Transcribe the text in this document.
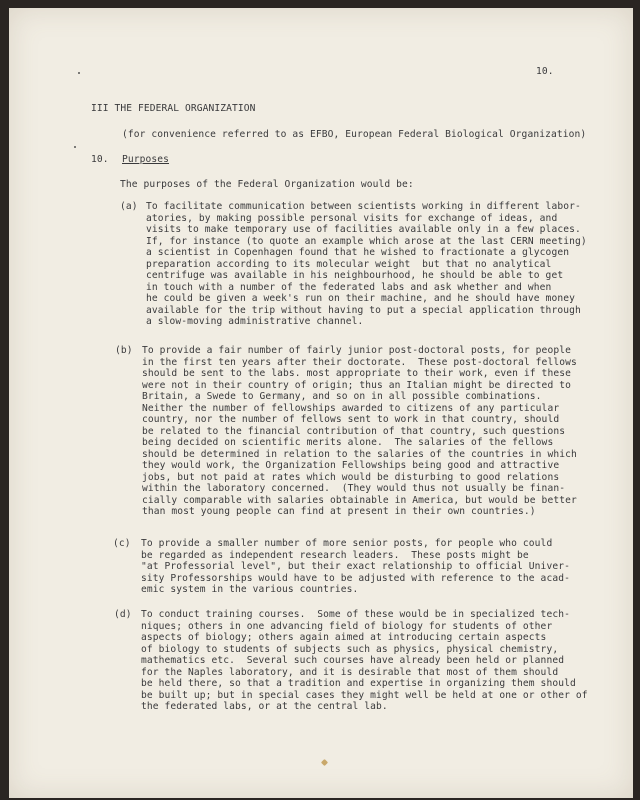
10.
III THE FEDERAL ORGANIZATION
(for convenience referred to as EFBO, European Federal Biological Organization)
10. Purposes
The purposes of the Federal Organization would be:
(a) To facilitate communication between scientists working in different labor-
atories, by making possible personal visits for exchange of ideas, and
visits to make temporary use of facilities available only in a few places.
If, for instance (to quote an example which arose at the last CERN meeting)
a scientist in Copenhagen found that he wished to fractionate a glycogen
preparation according to its molecular weight  but that no analytical
centrifuge was available in his neighbourhood, he should be able to get
in touch with a number of the federated labs and ask whether and when
he could be given a week's run on their machine, and he should have money
available for the trip without having to put a special application through
a slow-moving administrative channel.
(b) To provide a fair number of fairly junior post-doctoral posts, for people
in the first ten years after their doctorate.  These post-doctoral fellows
should be sent to the labs. most appropriate to their work, even if these
were not in their country of origin; thus an Italian might be directed to
Britain, a Swede to Germany, and so on in all possible combinations.
Neither the number of fellowships awarded to citizens of any particular
country, nor the number of fellows sent to work in that country, should
be related to the financial contribution of that country, such questions
being decided on scientific merits alone.  The salaries of the fellows
should be determined in relation to the salaries of the countries in which
they would work, the Organization Fellowships being good and attractive
jobs, but not paid at rates which would be disturbing to good relations
within the laboratory concerned.  (They would thus not usually be finan-
cially comparable with salaries obtainable in America, but would be better
than most young people can find at present in their own countries.)
(c) To provide a smaller number of more senior posts, for people who could
be regarded as independent research leaders.  These posts might be
"at Professorial level", but their exact relationship to official Univer-
sity Professorships would have to be adjusted with reference to the acad-
emic system in the various countries.
(d) To conduct training courses.  Some of these would be in specialized tech-
niques; others in one advancing field of biology for students of other
aspects of biology; others again aimed at introducing certain aspects
of biology to students of subjects such as physics, physical chemistry,
mathematics etc.  Several such courses have already been held or planned
for the Naples laboratory, and it is desirable that most of them should
be held there, so that a tradition and expertise in organizing them should
be built up; but in special cases they might well be held at one or other of
the federated labs, or at the central lab.
